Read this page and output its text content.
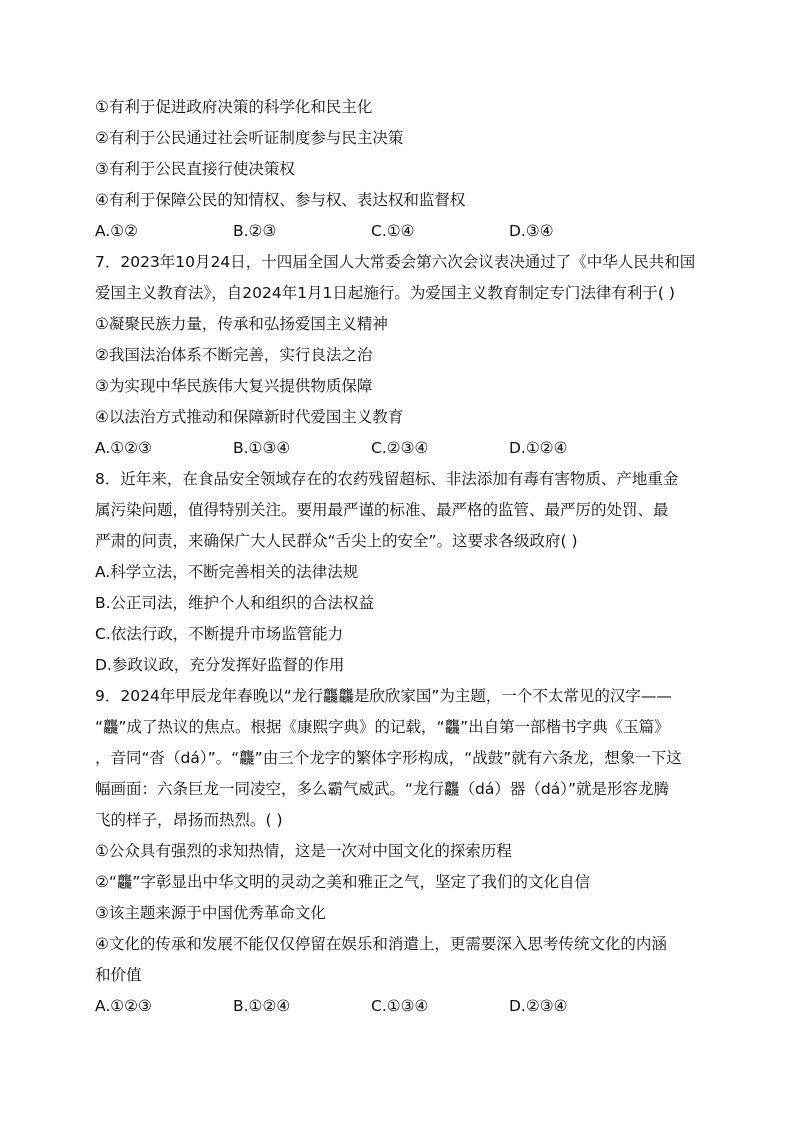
①有利于促进政府决策的科学化和民主化
②有利于公民通过社会听证制度参与民主决策
③有利于公民直接行使决策权
④有利于保障公民的知情权、参与权、表达权和监督权
A.①②	B.②③	C.①④	D.③④
7．2023年10月24日，十四届全国人大常委会第六次会议表决通过了《中华人民共和国
爱国主义教育法》，自2024年1月1日起施行。为爱国主义教育制定专门法律有利于( )
①凝聚民族力量，传承和弘扬爱国主义精神
②我国法治体系不断完善，实行良法之治
③为实现中华民族伟大复兴提供物质保障
④以法治方式推动和保障新时代爱国主义教育
A.①②③	B.①③④	C.②③④	D.①②④
8．近年来，在食品安全领域存在的农药残留超标、非法添加有毒有害物质、产地重金
属污染问题，值得特别关注。要用最严谨的标准、最严格的监管、最严厉的处罚、最
严肃的问责，来确保广大人民群众“舌尖上的安全”。这要求各级政府( )
A.科学立法，不断完善相关的法律法规
B.公正司法，维护个人和组织的合法权益
C.依法行政，不断提升市场监管能力
D.参政议政，充分发挥好监督的作用
9．2024年甲辰龙年春晚以“龙行龘龘是欣欣家国”为主题，一个不太常见的汉字——
“龘”成了热议的焦点。根据《康熙字典》的记载，“龘”出自第一部楷书字典《玉篇》
，音同“沓（dá）”。“龘”由三个龙字的繁体字形构成，“战鼓”就有六条龙，想象一下这
幅画面：六条巨龙一同凌空，多么霸气威武。“龙行龘（dá）器（dá）”就是形容龙腾
飞的样子，昂扬而热烈。( )
①公众具有强烈的求知热情，这是一次对中国文化的探索历程
②“龘”字彰显出中华文明的灵动之美和雅正之气，坚定了我们的文化自信
③该主题来源于中国优秀革命文化
④文化的传承和发展不能仅仅停留在娱乐和消遣上，更需要深入思考传统文化的内涵
和价值
A.①②③	B.①②④	C.①③④	D.②③④
